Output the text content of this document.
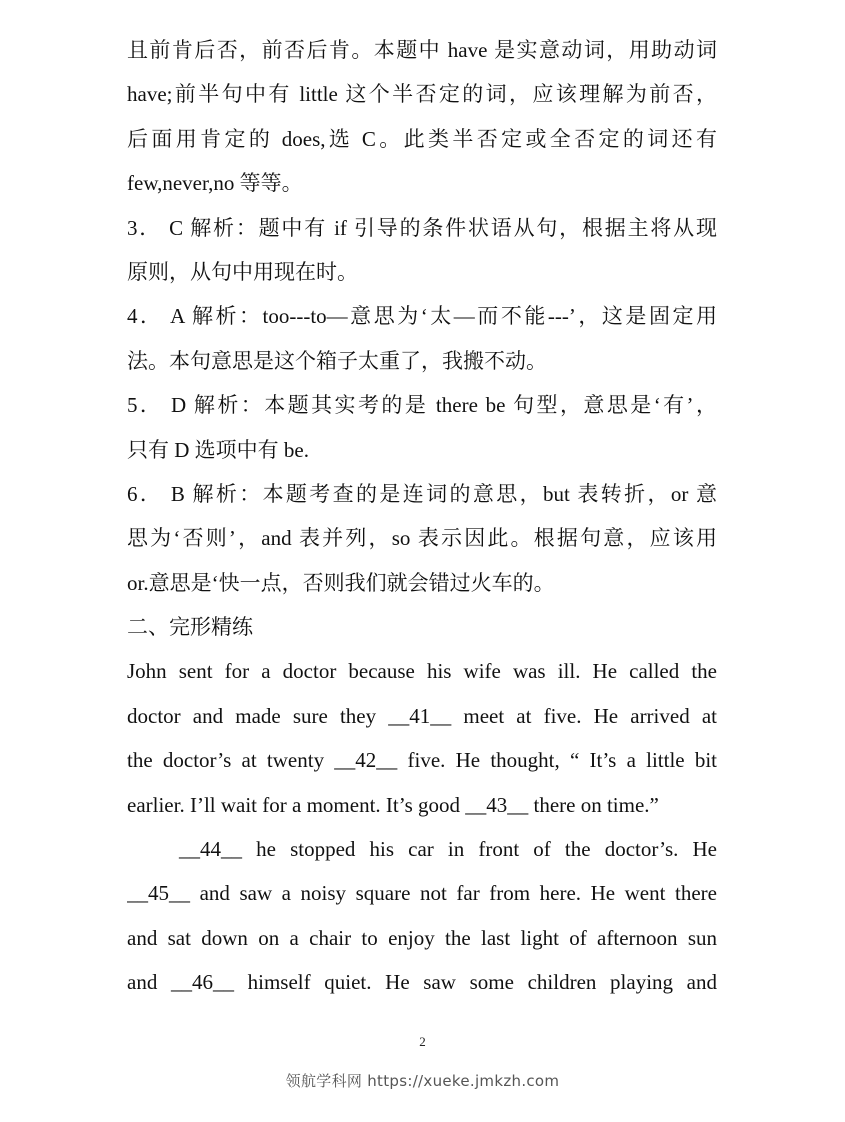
且前肯后否，前否后肯。本题中 have 是实意动词，用助动词
have;前半句中有 little 这个半否定的词，应该理解为前否，
后面用肯定的 does,选 C。此类半否定或全否定的词还有
few,never,no 等等。
3． C 解析：题中有 if 引导的条件状语从句，根据主将从现
原则，从句中用现在时。
4． A 解析：too---to—意思为‘太—而不能---’，这是固定用
法。本句意思是这个箱子太重了，我搬不动。
5． D 解析：本题其实考的是 there be 句型，意思是‘有’，
只有 D 选项中有 be.
6． B 解析：本题考查的是连词的意思，but 表转折，or 意
思为‘否则’，and 表并列，so 表示因此。根据句意，应该用
or.意思是‘快一点，否则我们就会错过火车的。
二、完形精练
John sent for a doctor because his wife was ill. He called the
doctor and made sure they __41__ meet at five. He arrived at
the doctor’s at twenty __42__ five. He thought, “ It’s a little bit
earlier. I’ll wait for a moment. It’s good __43__ there on time.”
__44__ he stopped his car in front of the doctor’s. He
__45__ and saw a noisy square not far from here. He went there
and sat down on a chair to enjoy the last light of afternoon sun
and __46__ himself quiet. He saw some children playing and
2
领航学科网 https://xueke.jmkzh.com
